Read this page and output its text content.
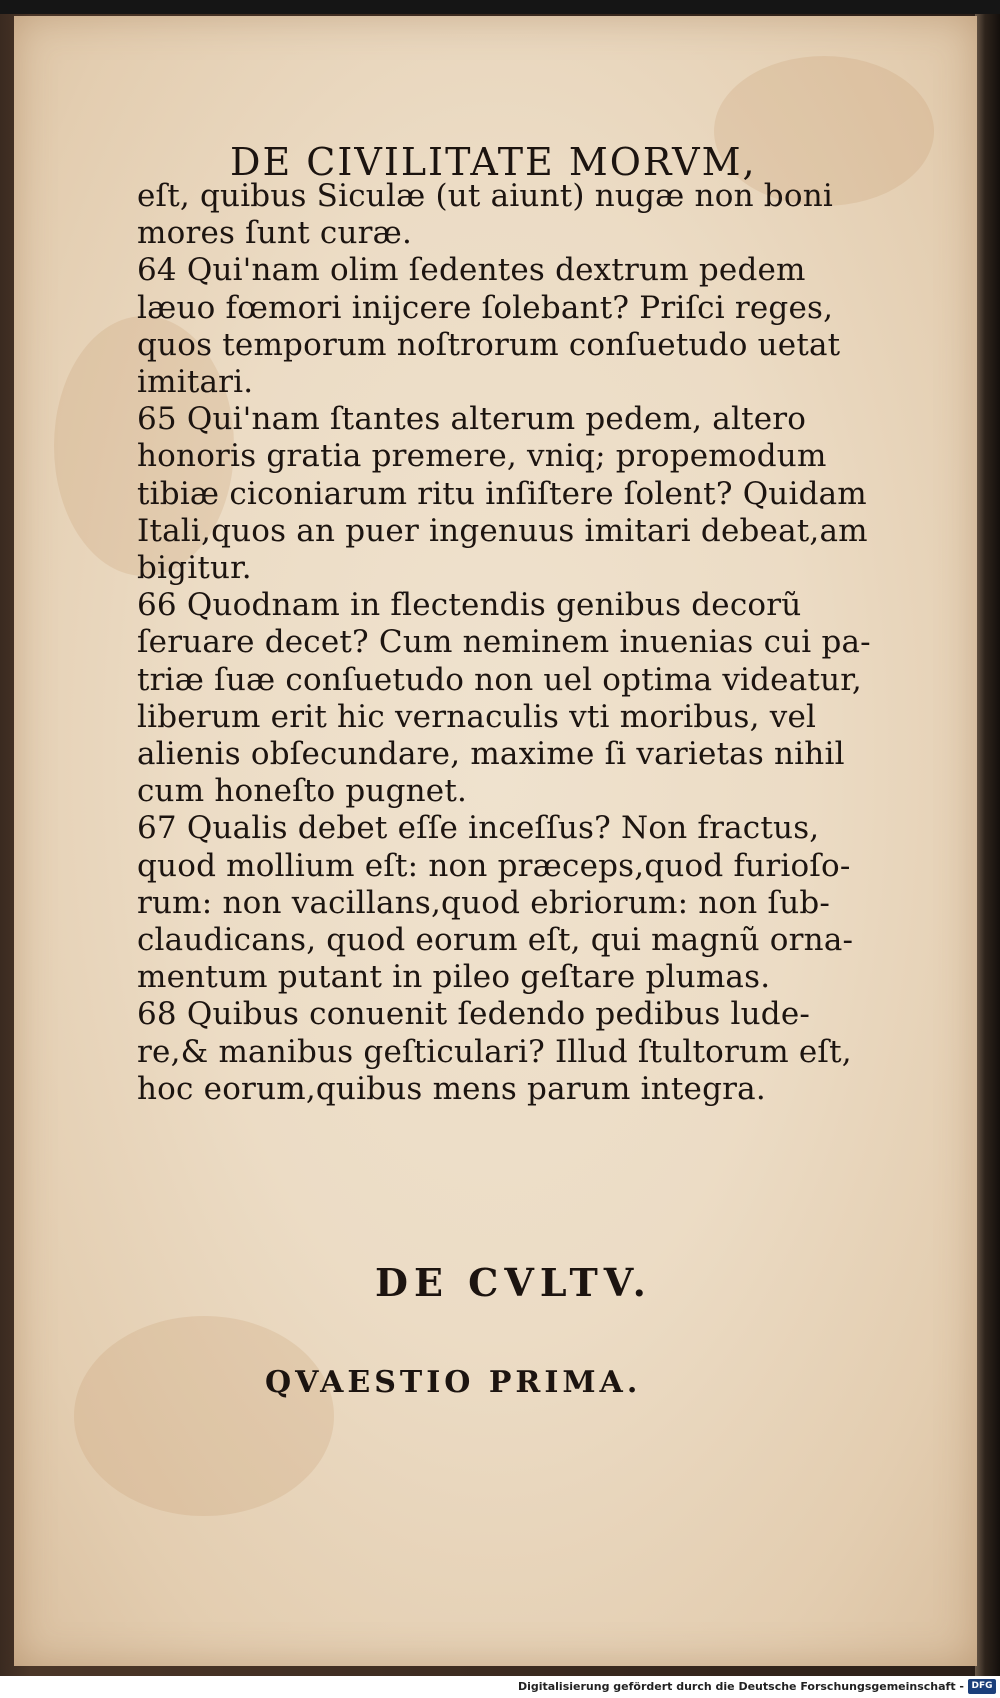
DE CIVILITATE MORVM,
eſt, quibus Siculæ (ut aiunt) nugæ non boni
mores ſunt curæ.
64 Qui'nam olim ſedentes dextrum pedem
læuo fœmori inijcere ſolebant? Priſci reges,
quos temporum noſtrorum conſuetudo uetat
imitari.
65 Qui'nam ſtantes alterum pedem, altero
honoris gratia premere, vniq; propemodum
tibiæ ciconiarum ritu inſiſtere ſolent? Quidam
Itali,quos an puer ingenuus imitari debeat,am
bigitur.
66 Quodnam in flectendis genibus decorũ
ſeruare decet? Cum neminem inuenias cui pa-
triæ ſuæ conſuetudo non uel optima videatur,
liberum erit hic vernaculis vti moribus, vel
alienis obſecundare, maxime ſi varietas nihil
cum honeſto pugnet.
67 Qualis debet eſſe inceſſus? Non fractus,
quod mollium eſt: non præceps,quod furioſo-
rum: non vacillans,quod ebriorum: non ſub-
claudicans, quod eorum eſt, qui magnũ orna-
mentum putant in pileo geſtare plumas.
68 Quibus conuenit ſedendo pedibus lude-
re,& manibus geſticulari? Illud ſtultorum eſt,
hoc eorum,quibus mens parum integra.
DE CVLTV.
QVAESTIO PRIMA.
Digitalisierung gefördert durch die Deutsche Forschungsgemeinschaft - DFG
